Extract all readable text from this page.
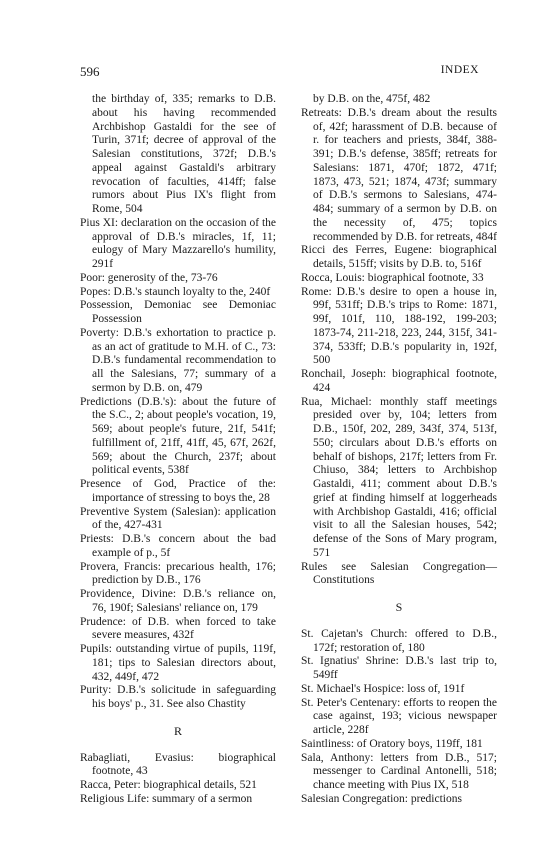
596	INDEX

the birthday of, 335; remarks to D.B. about his having recommended Archbishop Gastaldi for the see of Turin, 371f; decree of approval of the Salesian constitutions, 372f; D.B.'s appeal against Gastaldi's arbitrary revocation of faculties, 414ff; false rumors about Pius IX's flight from Rome, 504

Pius XI: declaration on the occasion of the approval of D.B.'s miracles, 1f, 11; eulogy of Mary Mazzarello's humility, 291f

Poor: generosity of the, 73-76

Popes: D.B.'s staunch loyalty to the, 240f

Possession, Demoniac see Demoniac Possession

Poverty: D.B.'s exhortation to practice p. as an act of gratitude to M.H. of C., 73: D.B.'s fundamental recommendation to all the Salesians, 77; summary of a sermon by D.B. on, 479

Predictions (D.B.'s): about the future of the S.C., 2; about people's vocation, 19, 569; about people's future, 21f, 541f; fulfillment of, 21ff, 41ff, 45, 67f, 262f, 569; about the Church, 237f; about political events, 538f

Presence of God, Practice of the: importance of stressing to boys the, 28

Preventive System (Salesian): application of the, 427-431

Priests: D.B.'s concern about the bad example of p., 5f

Provera, Francis: precarious health, 176; prediction by D.B., 176

Providence, Divine: D.B.'s reliance on, 76, 190f; Salesians' reliance on, 179

Prudence: of D.B. when forced to take severe measures, 432f

Pupils: outstanding virtue of pupils, 119f, 181; tips to Salesian directors about, 432, 449f, 472

Purity: D.B.'s solicitude in safeguarding his boys' p., 31. See also Chastity

R

Rabagliati, Evasius: biographical footnote, 43

Racca, Peter: biographical details, 521

Religious Life: summary of a sermon

by D.B. on the, 475f, 482

Retreats: D.B.'s dream about the results of, 42f; harassment of D.B. because of r. for teachers and priests, 384f, 388-391; D.B.'s defense, 385ff; retreats for Salesians: 1871, 470f; 1872, 471f; 1873, 473, 521; 1874, 473f; summary of D.B.'s sermons to Salesians, 474-484; summary of a sermon by D.B. on the necessity of, 475; topics recommended by D.B. for retreats, 484f

Ricci des Ferres, Eugene: biographical details, 515ff; visits by D.B. to, 516f

Rocca, Louis: biographical footnote, 33

Rome: D.B.'s desire to open a house in, 99f, 531ff; D.B.'s trips to Rome: 1871, 99f, 101f, 110, 188-192, 199-203; 1873-74, 211-218, 223, 244, 315f, 341-374, 533ff; D.B.'s popularity in, 192f, 500

Ronchail, Joseph: biographical footnote, 424

Rua, Michael: monthly staff meetings presided over by, 104; letters from D.B., 150f, 202, 289, 343f, 374, 513f, 550; circulars about D.B.'s efforts on behalf of bishops, 217f; letters from Fr. Chiuso, 384; letters to Archbishop Gastaldi, 411; comment about D.B.'s grief at finding himself at loggerheads with Archbishop Gastaldi, 416; official visit to all the Salesian houses, 542; defense of the Sons of Mary program, 571

Rules see Salesian Congregation—Constitutions

S

St. Cajetan's Church: offered to D.B., 172f; restoration of, 180

St. Ignatius' Shrine: D.B.'s last trip to, 549ff

St. Michael's Hospice: loss of, 191f

St. Peter's Centenary: efforts to reopen the case against, 193; vicious newspaper article, 228f

Saintliness: of Oratory boys, 119ff, 181

Sala, Anthony: letters from D.B., 517; messenger to Cardinal Antonelli, 518; chance meeting with Pius IX, 518

Salesian Congregation: predictions
